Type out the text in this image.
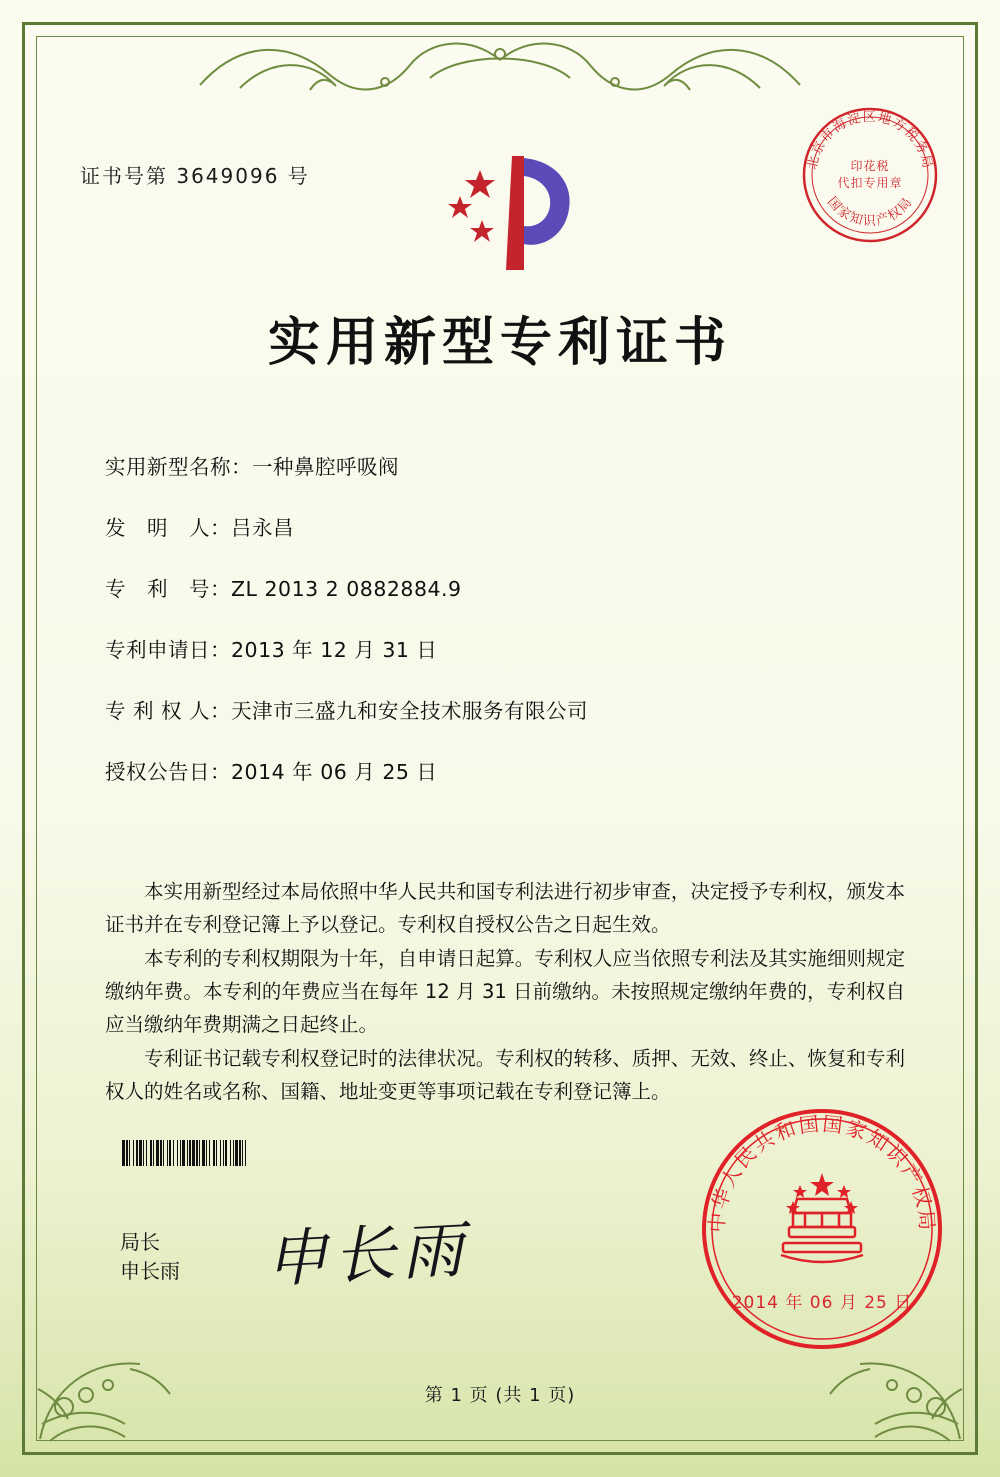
证书号第 3649096 号
北京市海淀区地方税务局
国家知识产权局
印花税
代扣专用章
实用新型专利证书
实用新型名称：一种鼻腔呼吸阀
发　明　人：吕永昌
专　利　号：ZL 2013 2 0882884.9
专利申请日：2013 年 12 月 31 日
专 利 权 人：天津市三盛九和安全技术服务有限公司
授权公告日：2014 年 06 月 25 日

本实用新型经过本局依照中华人民共和国专利法进行初步审查，决定授予专利权，颁发本证书并在专利登记簿上予以登记。专利权自授权公告之日起生效。

本专利的专利权期限为十年，自申请日起算。专利权人应当依照专利法及其实施细则规定缴纳年费。本专利的年费应当在每年 12 月 31 日前缴纳。未按照规定缴纳年费的，专利权自应当缴纳年费期满之日起终止。

专利证书记载专利权登记时的法律状况。专利权的转移、质押、无效、终止、恢复和专利权人的姓名或名称、国籍、地址变更等事项记载在专利登记簿上。

局长
申长雨 申长雨	中华人民共和国国家知识产权局
2014 年 06 月 25 日
第 1 页 (共 1 页)
